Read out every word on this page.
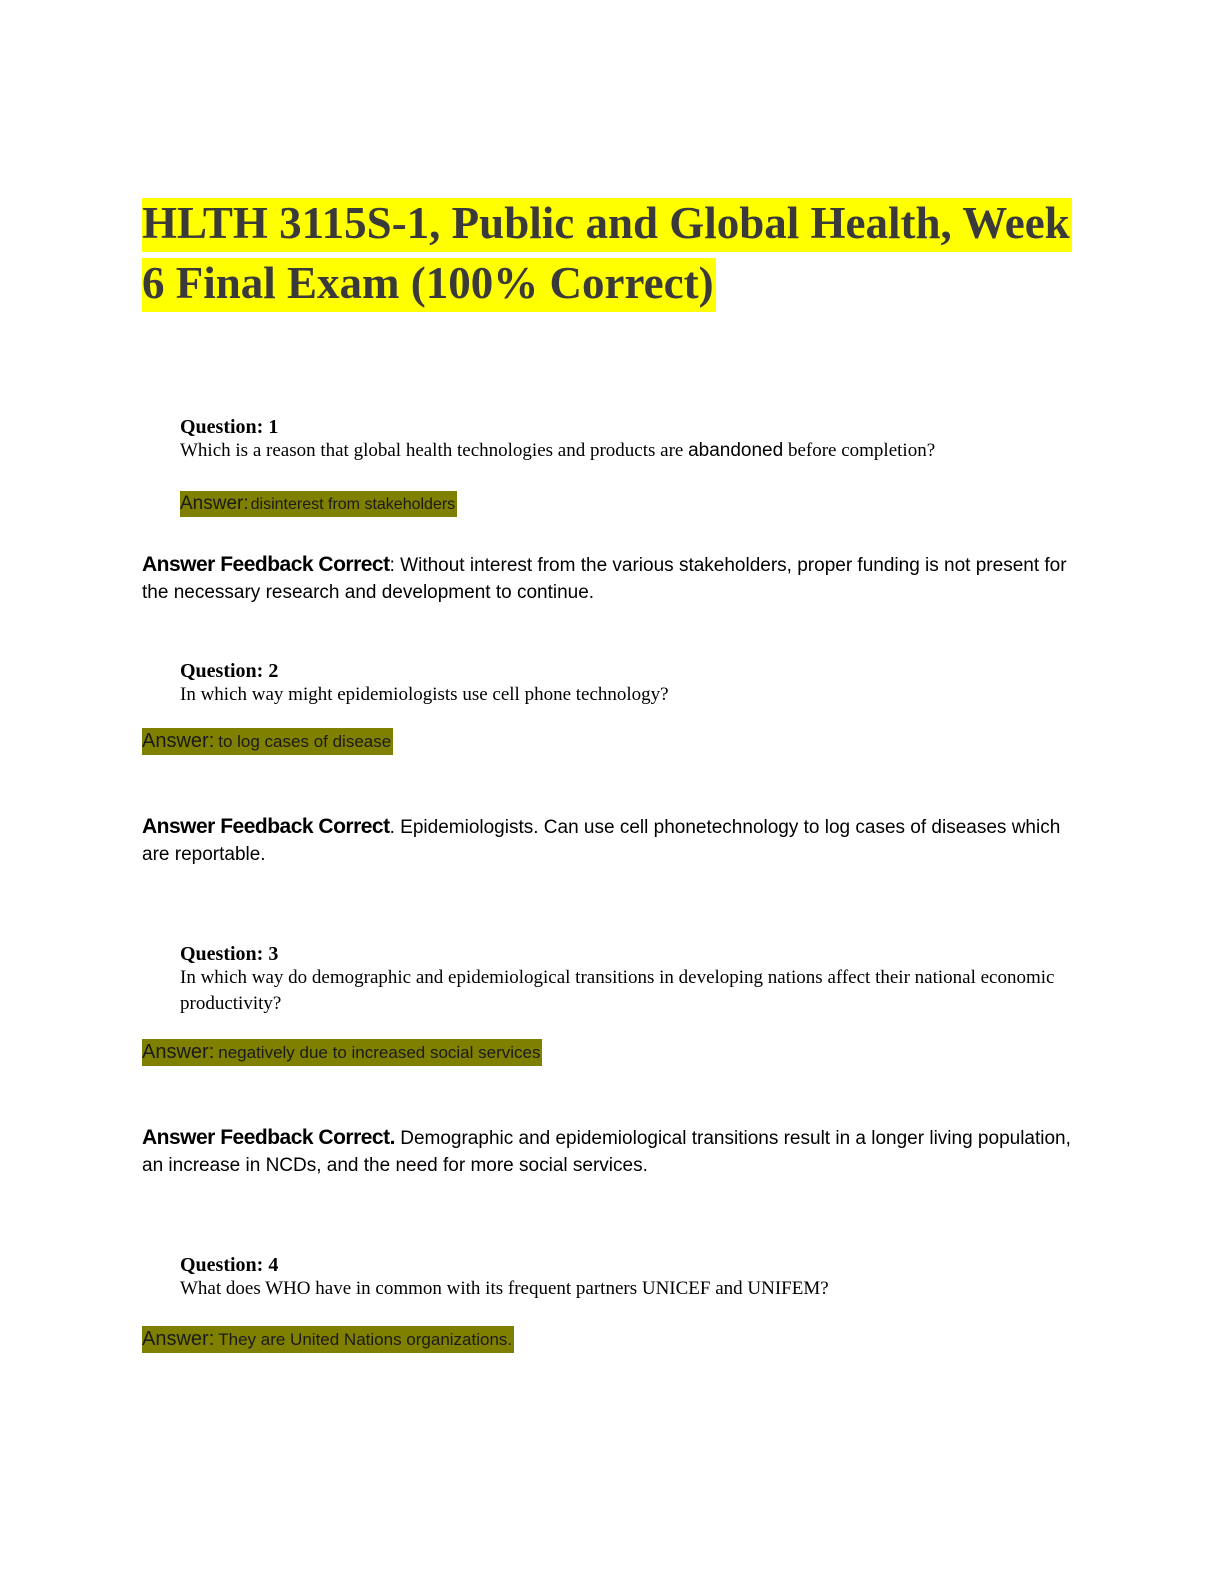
HLTH 3115S-1, Public and Global Health, Week
6 Final Exam (100% Correct)
Question: 1
Which is a reason that global health technologies and products are abandoned before completion?
Answer: disinterest from stakeholders
Answer Feedback Correct: Without interest from the various stakeholders, proper funding is not present for the necessary research and development to continue.
Question: 2
In which way might epidemiologists use cell phone technology?
Answer: to log cases of disease
Answer Feedback Correct. Epidemiologists. Can use cell phonetechnology to log cases of diseases which are reportable.
Question: 3
In which way do demographic and epidemiological transitions in developing nations affect their national economic productivity?
Answer: negatively due to increased social services
Answer Feedback Correct. Demographic and epidemiological transitions result in a longer living population, an increase in NCDs, and the need for more social services.
Question: 4
What does WHO have in common with its frequent partners UNICEF and UNIFEM?
Answer: They are United Nations organizations.
